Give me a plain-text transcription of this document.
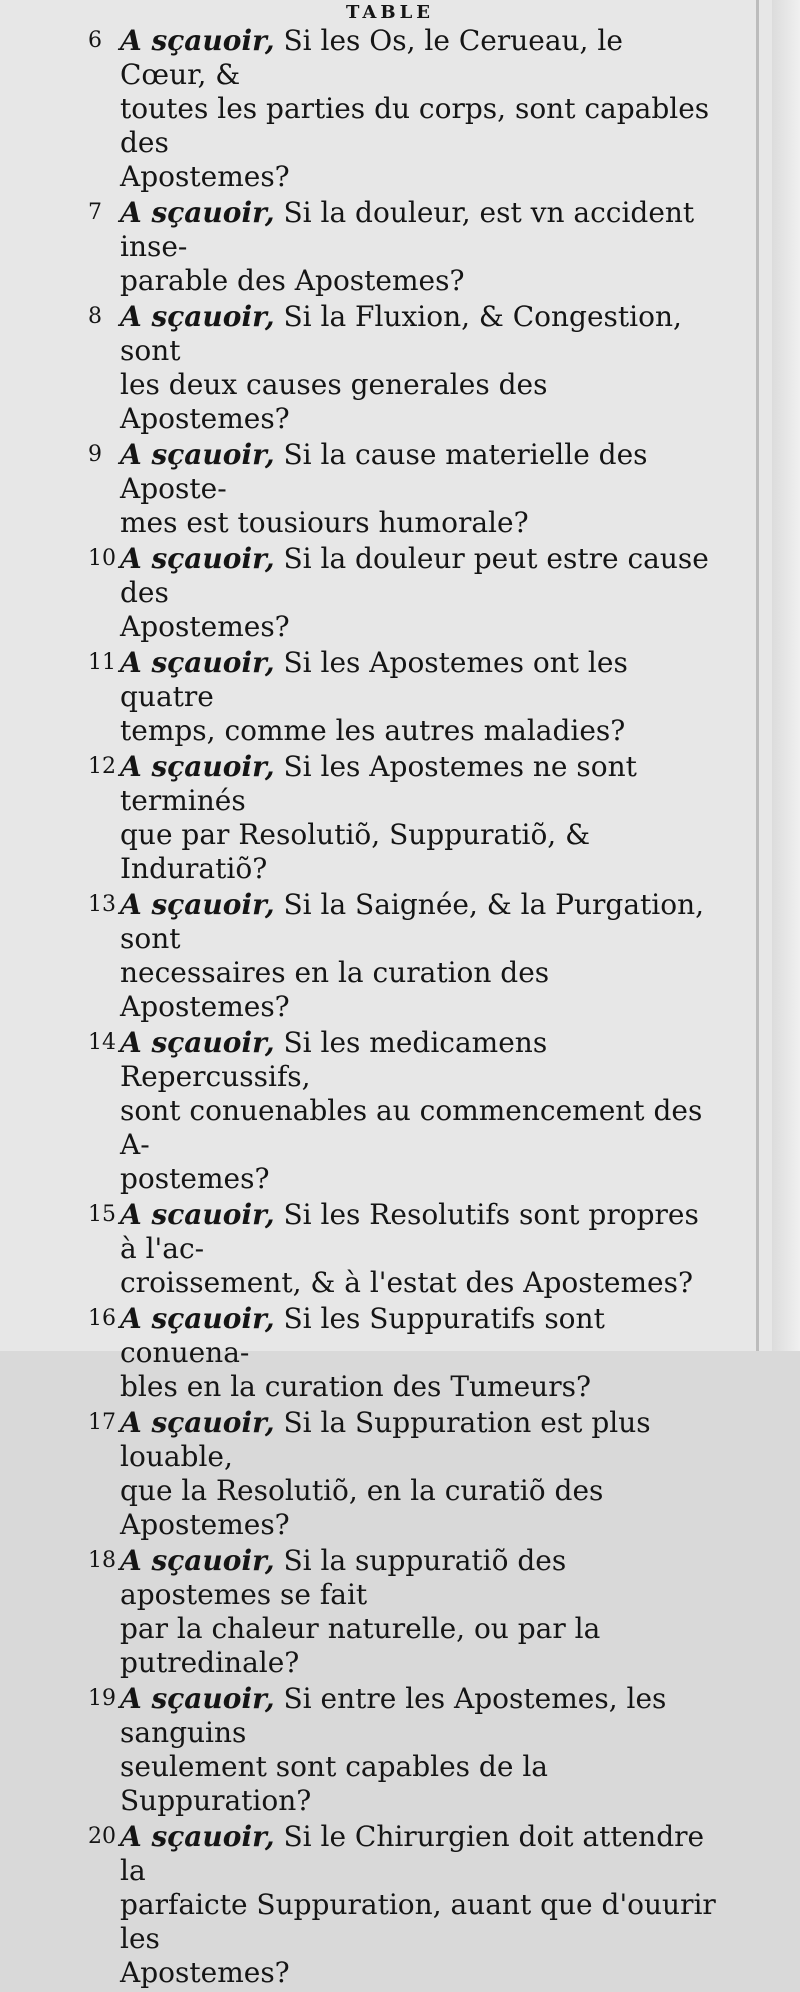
TABLE
6 A sçauoir, Si les Os, le Cerueau, le Cœur, &
toutes les parties du corps, sont capables des
Apostemes?
7 A sçauoir, Si la douleur, est vn accident inse-
parable des Apostemes?
8 A sçauoir, Si la Fluxion, & Congestion, sont
les deux causes generales des Apostemes?
9 A sçauoir, Si la cause materielle des Aposte-
mes est tousiours humorale?
10 A sçauoir, Si la douleur peut estre cause des
Apostemes?
11 A sçauoir, Si les Apostemes ont les quatre
temps, comme les autres maladies?
12 A sçauoir, Si les Apostemes ne sont terminés
que par Resolutiõ, Suppuratiõ, & Induratiõ?
13 A sçauoir, Si la Saignée, & la Purgation, sont
necessaires en la curation des Apostemes?
14 A sçauoir, Si les medicamens Repercussifs,
sont conuenables au commencement des A-
postemes?
15 A scauoir, Si les Resolutifs sont propres à l'ac-
croissement, & à l'estat des Apostemes?
16 A sçauoir, Si les Suppuratifs sont conuena-
bles en la curation des Tumeurs?
17 A sçauoir, Si la Suppuration est plus louable,
que la Resolutiõ, en la curatiõ des Apostemes?
18 A sçauoir, Si la suppuratiõ des apostemes se fait
par la chaleur naturelle, ou par la putredinale?
19 A sçauoir, Si entre les Apostemes, les sanguins
seulement sont capables de la Suppuration?
20 A sçauoir, Si le Chirurgien doit attendre la
parfaicte Suppuration, auant que d'ouurir les
Apostemes?
